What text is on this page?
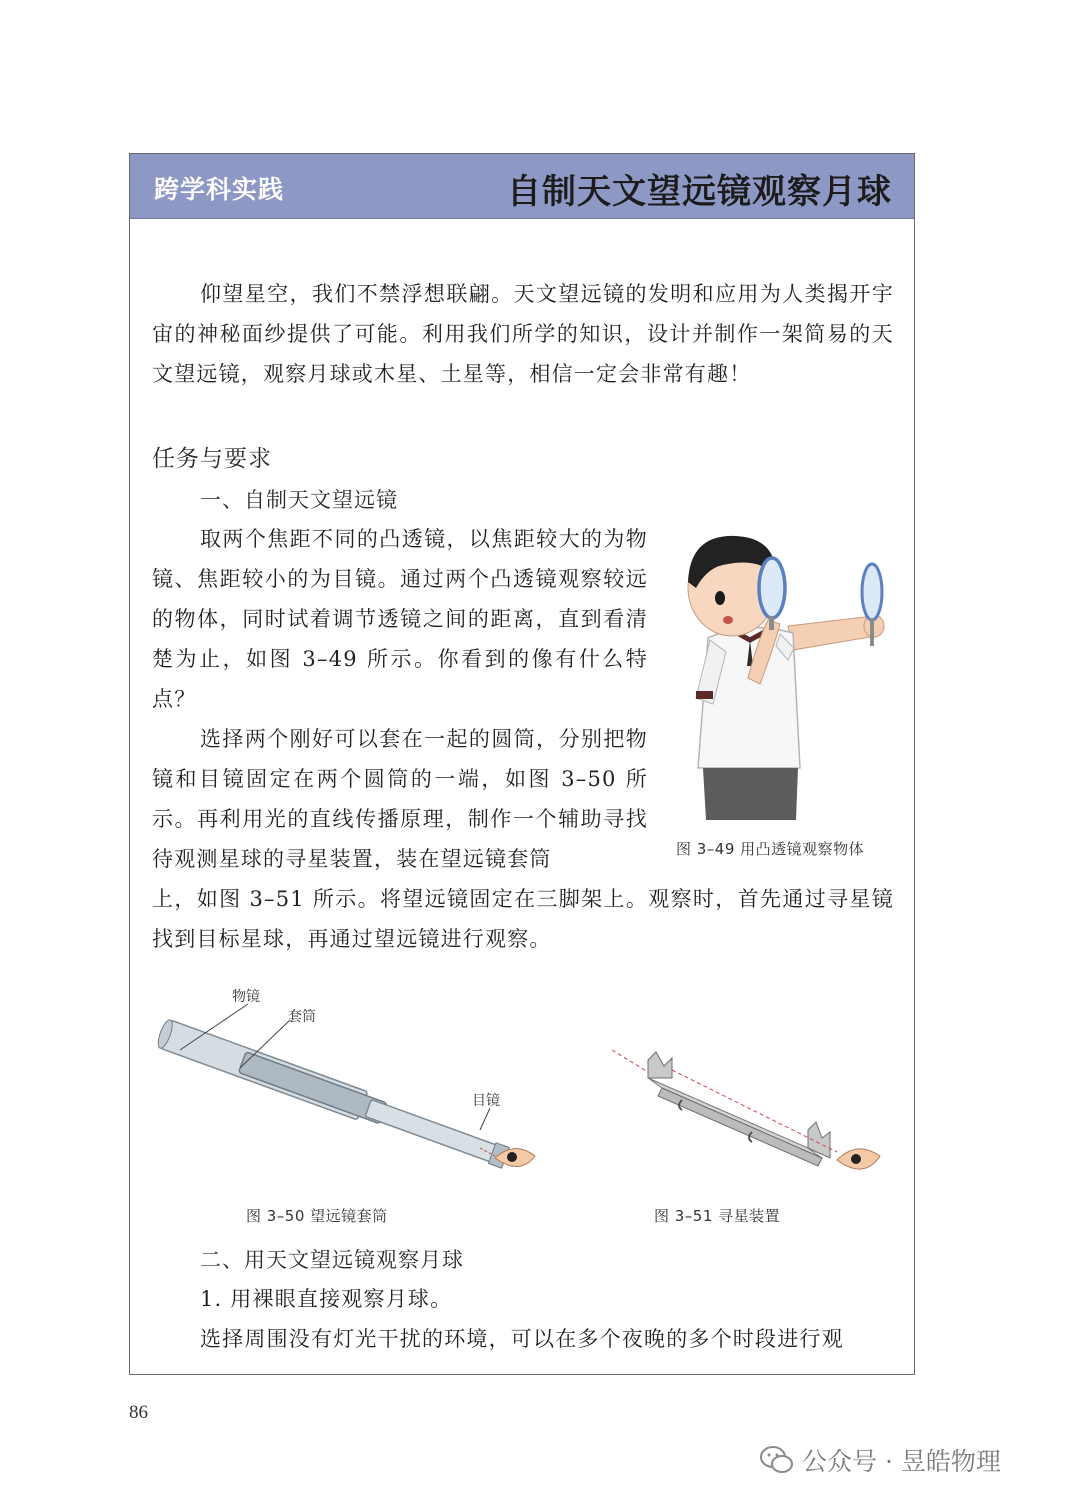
跨学科实践	自制天文望远镜观察月球

仰望星空，我们不禁浮想联翩。天文望远镜的发明和应用为人类揭开宇宙的神秘面纱提供了可能。利用我们所学的知识，设计并制作一架简易的天文望远镜，观察月球或木星、土星等，相信一定会非常有趣！

任务与要求
一、自制天文望远镜

取两个焦距不同的凸透镜，以焦距较大的为物镜、焦距较小的为目镜。通过两个凸透镜观察较远的物体，同时试着调节透镜之间的距离，直到看清楚为止，如图 3–49 所示。你看到的像有什么特点？

选择两个刚好可以套在一起的圆筒，分别把物镜和目镜固定在两个圆筒的一端，如图 3–50 所示。再利用光的直线传播原理，制作一个辅助寻找待观测星球的寻星装置，装在望远镜套筒

上，如图 3–51 所示。将望远镜固定在三脚架上。观察时，首先通过寻星镜找到目标星球，再通过望远镜进行观察。

图 3–49 用凸透镜观察物体
物镜
套筒
目镜
图 3–50 望远镜套筒	图 3–51 寻星装置
二、用天文望远镜观察月球
1. 用裸眼直接观察月球。

选择周围没有灯光干扰的环境，可以在多个夜晚的多个时段进行观

86
公众号 · 昱皓物理
